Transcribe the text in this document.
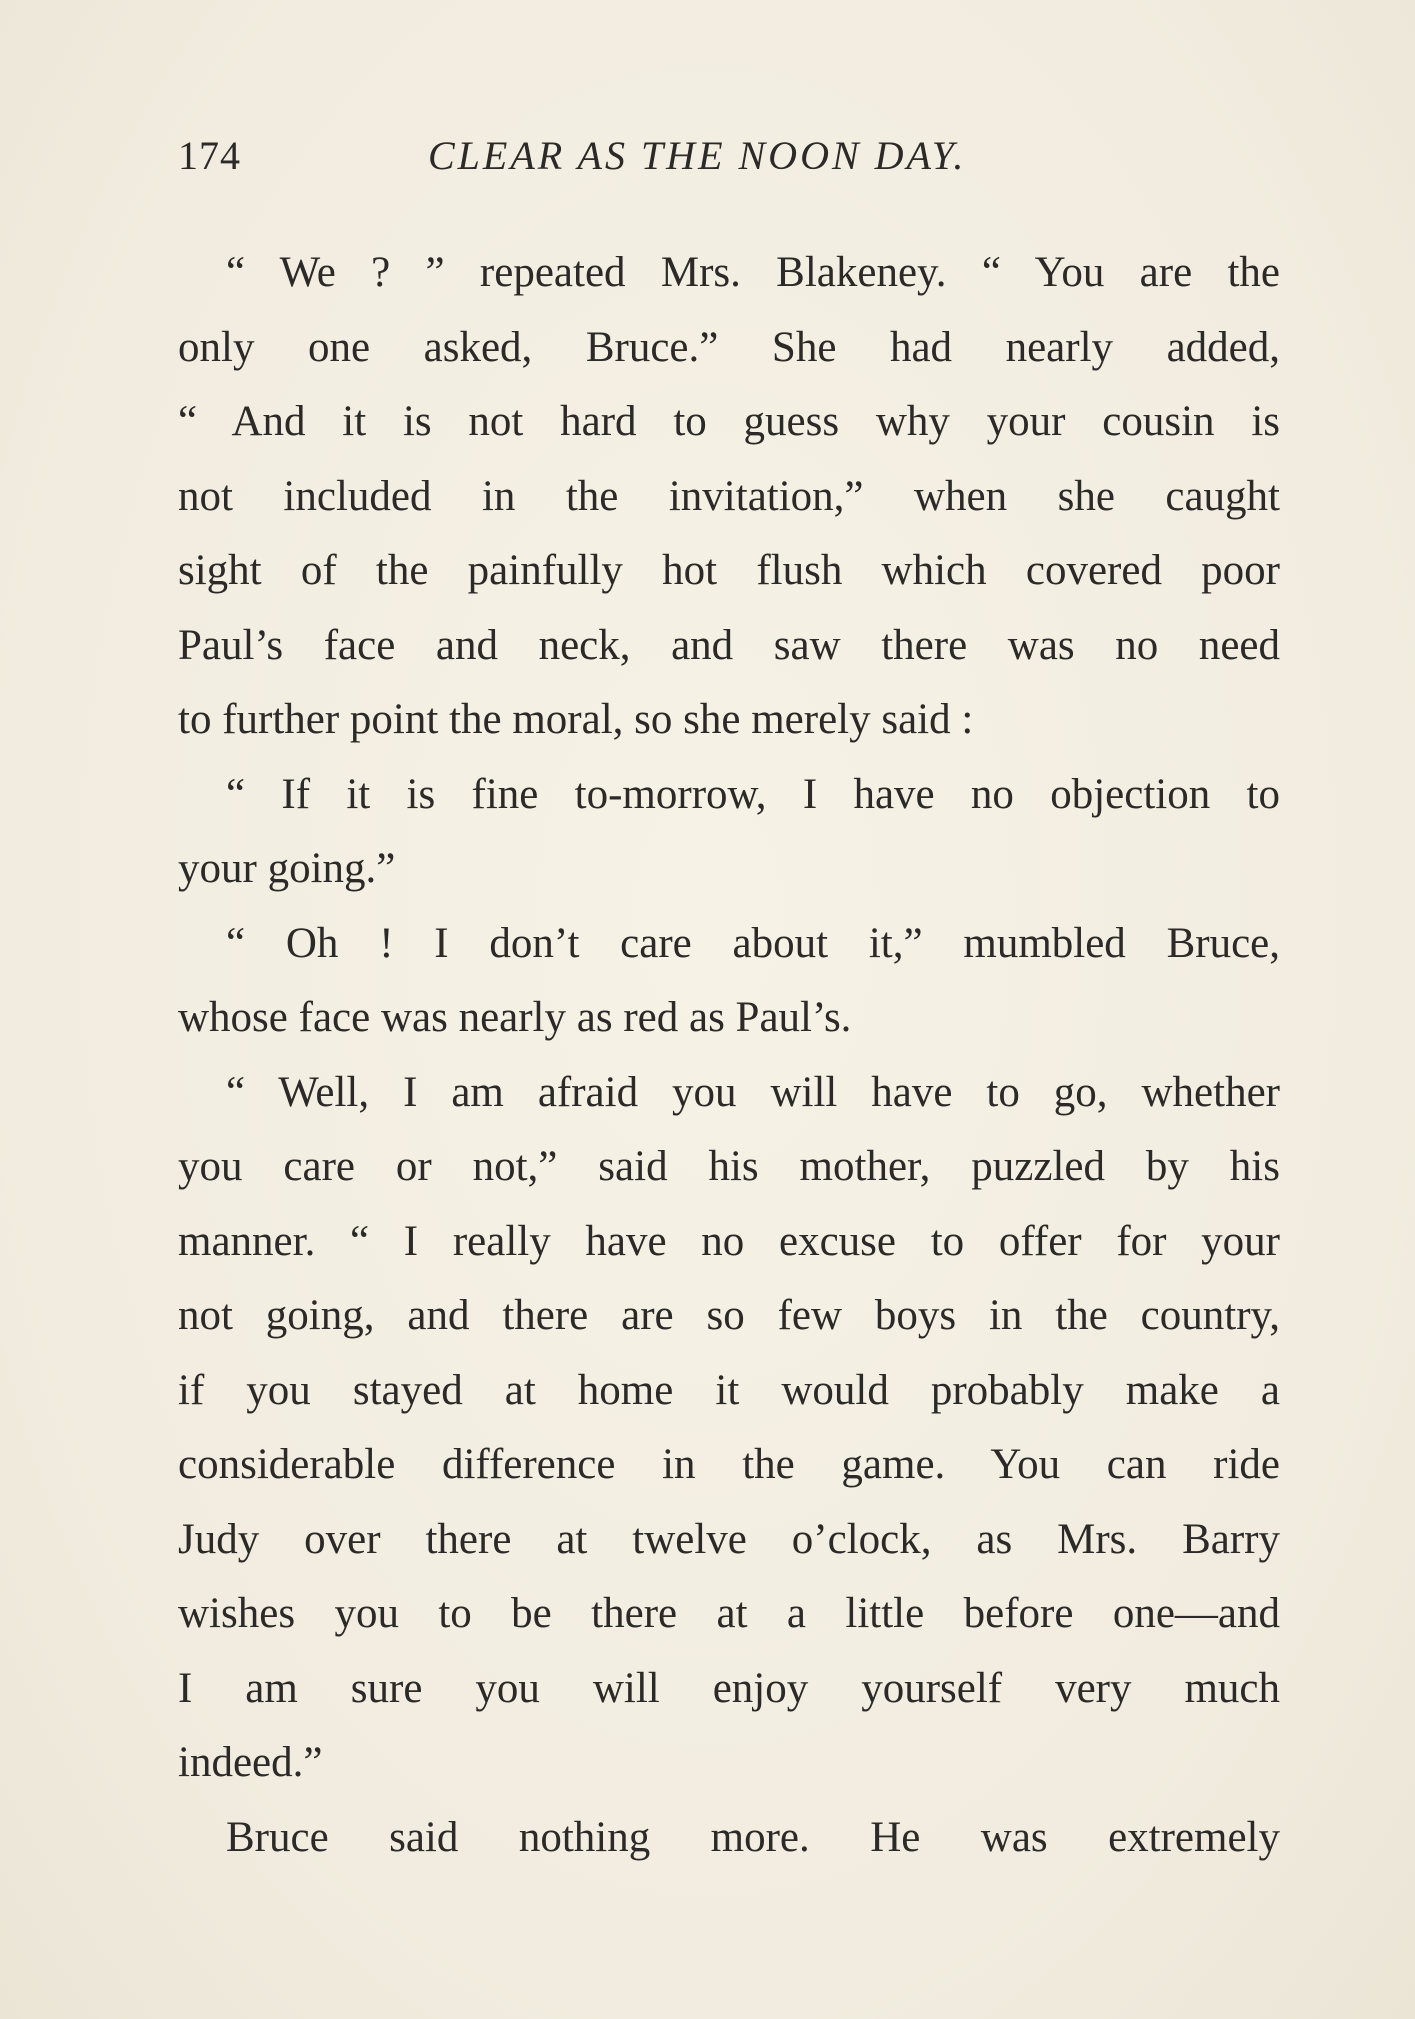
174	CLEAR AS THE NOON DAY.
“ We ? ” repeated Mrs. Blakeney. “ You are the
only one asked, Bruce.” She had nearly added,
“ And it is not hard to guess why your cousin is
not included in the invitation,” when she caught
sight of the painfully hot flush which covered poor
Paul’s face and neck, and saw there was no need
to further point the moral, so she merely said :
“ If it is fine to-morrow, I have no objection to
your going.”
“ Oh ! I don’t care about it,” mumbled Bruce,
whose face was nearly as red as Paul’s.
“ Well, I am afraid you will have to go, whether
you care or not,” said his mother, puzzled by his
manner. “ I really have no excuse to offer for your
not going, and there are so few boys in the country,
if you stayed at home it would probably make a
considerable difference in the game. You can ride
Judy over there at twelve o’clock, as Mrs. Barry
wishes you to be there at a little before one—and
I am sure you will enjoy yourself very much
indeed.”
Bruce said nothing more. He was extremely
